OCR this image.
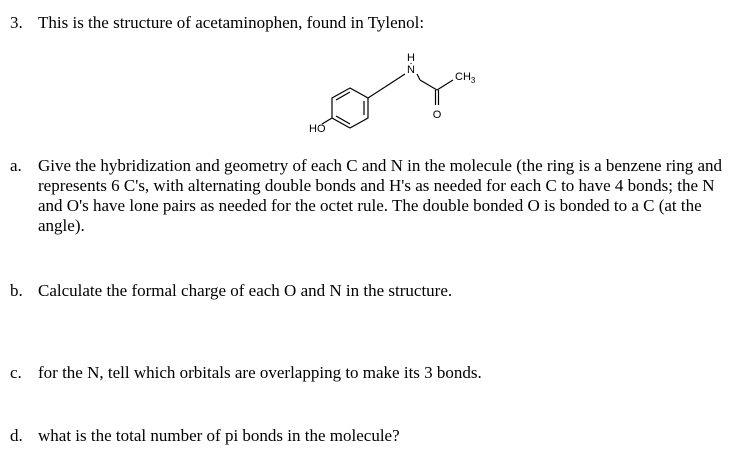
3. This is the structure of acetaminophen, found in Tylenol:
H
N
$CH_3$
O
HO
a. Give the hybridization and geometry of each C and N in the molecule (the ring is a benzene ring and represents 6 C's, with alternating double bonds and H's as needed for each C to have 4 bonds; the N and O's have lone pairs as needed for the octet rule. The double bonded O is bonded to a C (at the angle).
b. Calculate the formal charge of each O and N in the structure.
c. for the N, tell which orbitals are overlapping to make its 3 bonds.
d. what is the total number of pi bonds in the molecule?
